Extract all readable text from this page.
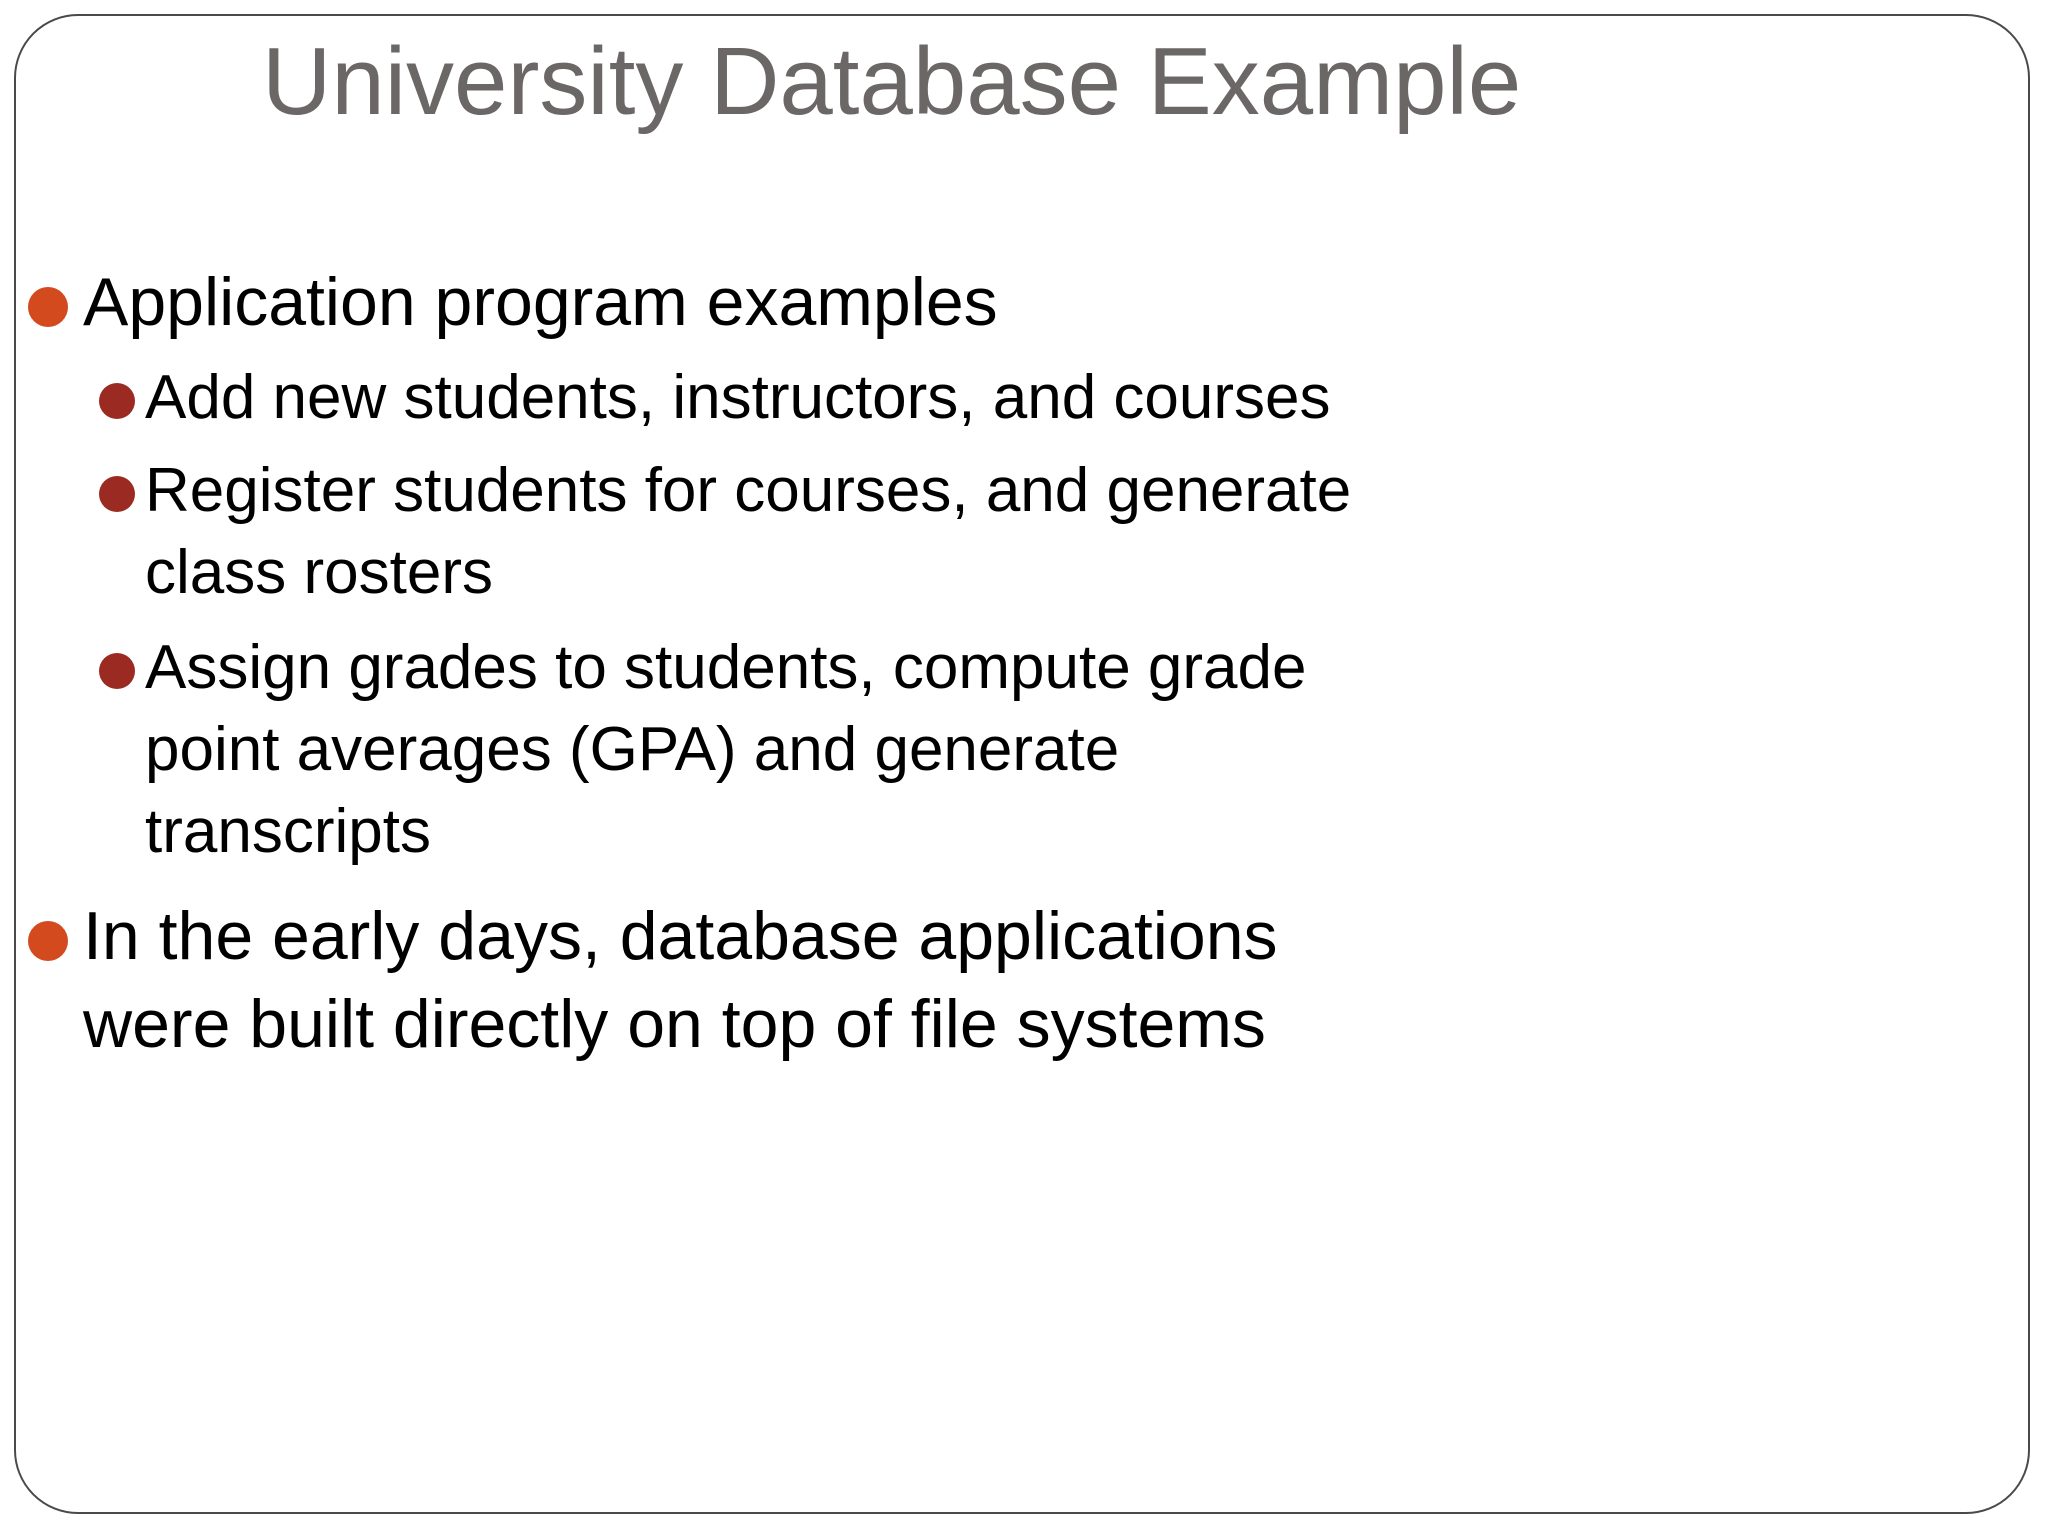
University Database Example
Application program examples
Add new students, instructors, and courses
Register students for courses, and generate
class rosters
Assign grades to students, compute grade
point averages (GPA) and generate
transcripts
In the early days, database applications
were built directly on top of file systems
